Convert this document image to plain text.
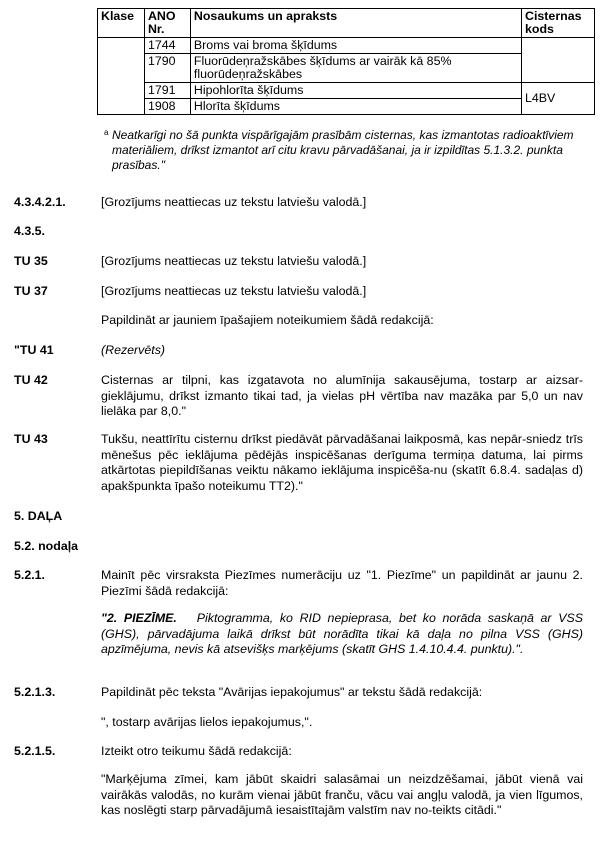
Klase	ANO Nr.	Nosaukums un apraksts	Cisternas kods
	1744	Broms vai broma šķīdums	
	1790	Fluorūdeņražskābes šķīdums ar vairāk kā 85% fluorūdeņražskābes	
	1791	Hipohlorīta šķīdums	L4BV
	1908	Hlorīta šķīdums	
a Neatkarīgi no šā punkta vispārīgajām prasībām cisternas, kas izmantotas radioaktīviem materiāliem, drīkst izmantot arī citu kravu pārvadāšanai, ja ir izpildītas 5.1.3.2. punkta prasības."
4.3.4.2.1.	[Grozījums neattiecas uz tekstu latviešu valodā.]
4.3.5.
TU 35	[Grozījums neattiecas uz tekstu latviešu valodā.]
TU 37	[Grozījums neattiecas uz tekstu latviešu valodā.]
Papildināt ar jauniem īpašajiem noteikumiem šādā redakcijā:
"TU 41	(Rezervēts)
TU 42	Cisternas ar tilpni, kas izgatavota no alumīnija sakausējuma, tostarp ar aizsar-gieklājumu, drīkst izmanto tikai tad, ja vielas pH vērtība nav mazāka par 5,0 un nav lielāka par 8,0."
TU 43	Tukšu, neattīrītu cisternu drīkst piedāvāt pārvadāšanai laikposmā, kas nepār-sniedz trīs mēnešus pēc ieklājuma pēdējās inspicēšanas derīguma termiņa datuma, lai pirms atkārtotas piepildīšanas veiktu nākamo ieklājuma inspicēša-nu (skatīt 6.8.4. sadaļas d) apakšpunkta īpašo noteikumu TT2)."
5. DAĻA
5.2. nodaļa
5.2.1.	Mainīt pēc virsraksta Piezīmes numerāciju uz "1. Piezīme" un papildināt ar jaunu 2. Piezīmi šādā redakcijā:
"2. PIEZĪME. Piktogramma, ko RID nepieprasa, bet ko norāda saskaņā ar VSS (GHS), pārvadājuma laikā drīkst būt norādīta tikai kā daļa no pilna VSS (GHS) apzīmējuma, nevis kā atsevišķs marķējums (skatīt GHS 1.4.10.4.4. punktu).".
5.2.1.3.	Papildināt pēc teksta "Avārijas iepakojumus" ar tekstu šādā redakcijā:
", tostarp avārijas lielos iepakojumus,".
5.2.1.5.	Izteikt otro teikumu šādā redakcijā:
"Marķējuma zīmei, kam jābūt skaidri salasāmai un neizdzēšamai, jābūt vienā vai vairākās valodās, no kurām vienai jābūt franču, vācu vai angļu valodā, ja vien līgumos, kas noslēgti starp pārvadājumā iesaistītajām valstīm nav no-teikts citādi."
